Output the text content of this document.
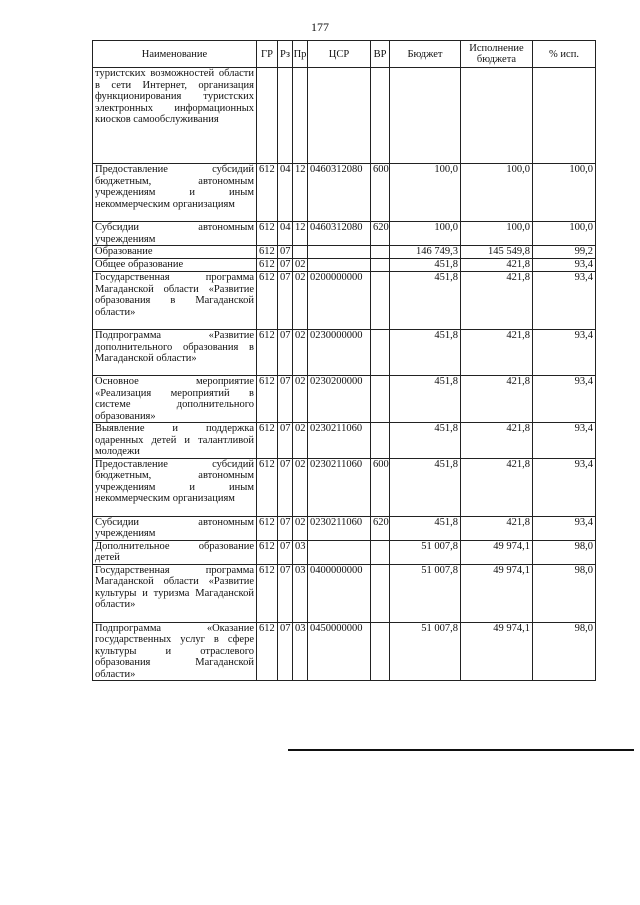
177
Наименование	ГР	Рз	Пр	ЦСР	ВР	Бюджет	Исполнение бюджета	% исп.
туристских возможностей области в сети Интернет, организация функционирования туристских электронных информационных киосков самообслуживания								
Предоставление субсидий бюджетным, автономным учреждениям и иным некоммерческим организациям	612	04	12	0460312080	600	100,0	100,0	100,0
Субсидии автономным учреждениям	612	04	12	0460312080	620	100,0	100,0	100,0
Образование	612	07				146 749,3	145 549,8	99,2
Общее образование	612	07	02			451,8	421,8	93,4
Государственная программа Магаданской области «Развитие образования в Магаданской области»	612	07	02	0200000000		451,8	421,8	93,4
Подпрограмма «Развитие дополнительного образования в Магаданской области»	612	07	02	0230000000		451,8	421,8	93,4
Основное мероприятие «Реализация мероприятий в системе дополнительного образования»	612	07	02	0230200000		451,8	421,8	93,4
Выявление и поддержка одаренных детей и талантливой молодежи	612	07	02	0230211060		451,8	421,8	93,4
Предоставление субсидий бюджетным, автономным учреждениям и иным некоммерческим организациям	612	07	02	0230211060	600	451,8	421,8	93,4
Субсидии автономным учреждениям	612	07	02	0230211060	620	451,8	421,8	93,4
Дополнительное образование детей	612	07	03			51 007,8	49 974,1	98,0
Государственная программа Магаданской области «Развитие культуры и туризма Магаданской области»	612	07	03	0400000000		51 007,8	49 974,1	98,0
Подпрограмма «Оказание государственных услуг в сфере культуры и отраслевого образования Магаданской области»	612	07	03	0450000000		51 007,8	49 974,1	98,0
